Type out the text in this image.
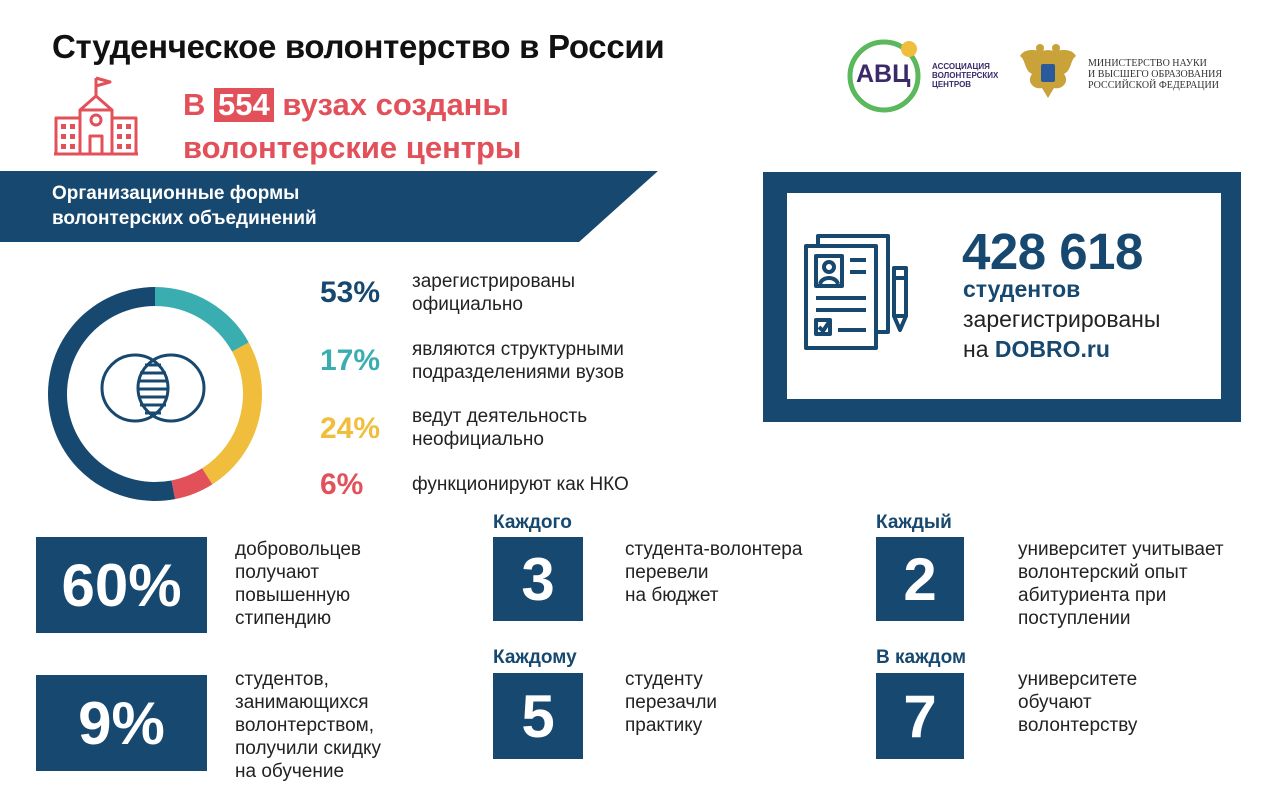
Студенческое волонтерство в России
В 554 вузах созданы
волонтерские центры
АВЦ	АССОЦИАЦИЯ
ВОЛОНТЕРСКИХ
ЦЕНТРОВ
МИНИСТЕРСТВО НАУКИ
И ВЫСШЕГО ОБРАЗОВАНИЯ
РОССИЙСКОЙ ФЕДЕРАЦИИ
Организационные формы
волонтерских объединений
53% зарегистрированы
официально
17% являются структурными
подразделениями вузов
24% ведут деятельность
неофициально
6%	функционируют как НКО
428 618
студентов
зарегистрированы
на DOBRO.ru
60%
добровольцев
получают
повышенную
стипендию
9%
студентов,
занимающихся
волонтерством,
получили скидку
на обучение
Каждого
3	студента-волонтера
перевели
на бюджет
Каждому
5
студенту
перезачли
практику
Каждый
2	университет учитывает
волонтерский опыт
абитуриента при
поступлении
В каждом
7
университете
обучают
волонтерству
